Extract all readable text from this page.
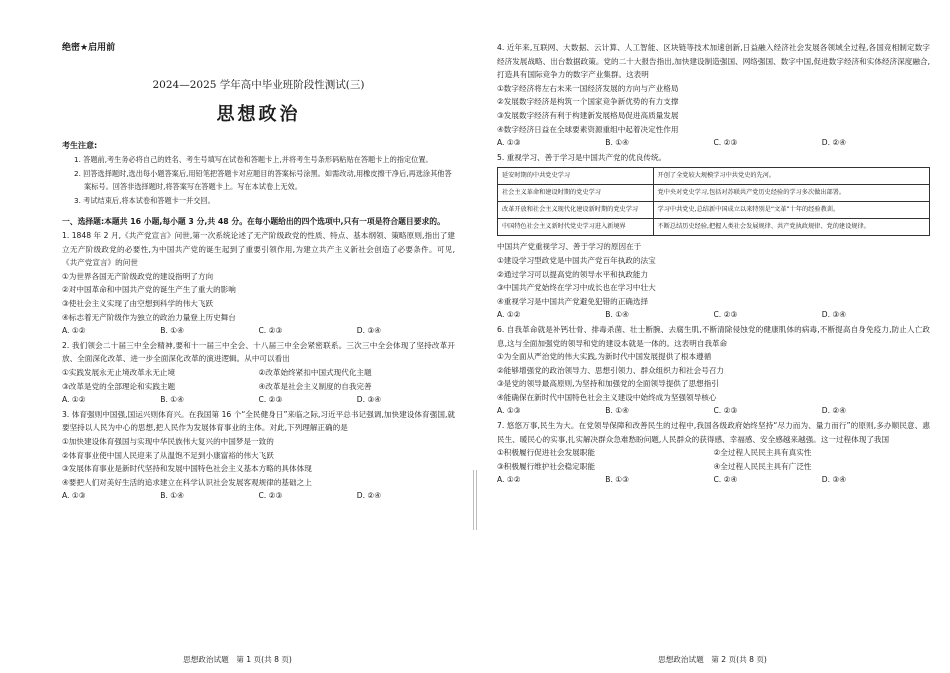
绝密★启用前
2024—2025 学年高中毕业班阶段性测试(三)
思想政治
考生注意:
1. 答题前,考生务必将自己的姓名、考生号填写在试卷和答题卡上,并将考生号条形码粘贴在答题卡上的指定位置。
2. 回答选择题时,选出每小题答案后,用铅笔把答题卡对应题目的答案标号涂黑。如需改动,用橡皮擦干净后,再选涂其他答案标号。回答非选择题时,将答案写在答题卡上。写在本试卷上无效。
3. 考试结束后,将本试卷和答题卡一并交回。
一、选择题:本题共 16 小题,每小题 3 分,共 48 分。在每小题给出的四个选项中,只有一项是符合题目要求的。
1. 1848 年 2 月,《共产党宣言》问世,第一次系统论述了无产阶级政党的性质、特点、基本纲领、策略原则,指出了建立无产阶级政党的必要性,为中国共产党的诞生起到了重要引领作用,为建立共产主义新社会创造了必要条件。可见,《共产党宣言》的问世
①为世界各国无产阶级政党的建设指明了方向
②对中国革命和中国共产党的诞生产生了重大的影响
③使社会主义实现了由空想到科学的伟大飞跃
④标志着无产阶级作为独立的政治力量登上历史舞台
A. ①②	B. ①④	C. ②③	D. ③④
2. 我们领会二十届三中全会精神,要和十一届三中全会、十八届三中全会紧密联系。三次三中全会体现了坚持改革开放、全面深化改革、进一步全面深化改革的演进逻辑。从中可以看出
①实践发展永无止境改革永无止境	②改革始终紧扣中国式现代化主题
③改革是党的全部理论和实践主题	④改革是社会主义制度的自我完善
A. ①②	B. ①④	C. ②③	D. ③④
3. 体育强则中国强,国运兴则体育兴。在我国第 16 个“全民健身日”来临之际,习近平总书记强调,加快建设体育强国,就要坚持以人民为中心的思想,把人民作为发展体育事业的主体。对此,下列理解正确的是
①加快建设体育强国与实现中华民族伟大复兴的中国梦是一致的
②体育事业使中国人民迎来了从温饱不足到小康富裕的伟大飞跃
③发展体育事业是新时代坚持和发展中国特色社会主义基本方略的具体体现
④要把人们对美好生活的追求建立在科学认识社会发展客观规律的基础之上
A. ①③	B. ①④	C. ②③	D. ②④
思想政治试题　第 1 页(共 8 页)
4. 近年来,互联网、大数据、云计算、人工智能、区块链等技术加速创新,日益融入经济社会发展各领域全过程,各国竞相制定数字经济发展战略、出台数据政策。党的二十大报告指出,加快建设制造强国、网络强国、数字中国,促进数字经济和实体经济深度融合,打造具有国际竞争力的数字产业集群。这表明
①数字经济将左右未来一国经济发展的方向与产业格局
②发展数字经济是构筑一个国家竞争新优势的有力支撑
③发展数字经济有利于构建新发展格局促进高质量发展
④数字经济日益在全球要素资源重组中起着决定性作用
A. ①③	B. ①④	C. ②③	D. ②④
5. 重视学习、善于学习是中国共产党的优良传统。
延安时期的中共党史学习	开创了全党较大规模学习中共党史的先河。
社会主义革命和建设时期的党史学习	党中央对党史学习,包括对苏联共产党历史经验的学习多次做出部署。
改革开放和社会主义现代化建设新时期的党史学习	学习中共党史,总结新中国成立以来特别是“文革”十年的经验教训。
中国特色社会主义新时代党史学习进入新境界	不断总结历史经验,把握人类社会发展规律、共产党执政规律、党的建设规律。
中国共产党重视学习、善于学习的原因在于
①建设学习型政党是中国共产党百年执政的法宝
②通过学习可以提高党的领导水平和执政能力
③中国共产党始终在学习中成长也在学习中壮大
④重视学习是中国共产党避免犯错的正确选择
A. ①②	B. ①④	C. ②③	D. ③④
6. 自我革命就是补钙壮骨、排毒杀菌、壮士断腕、去腐生肌,不断清除侵蚀党的健康肌体的病毒,不断提高自身免疫力,防止人亡政息,这与全面加强党的领导和党的建设本就是一体的。这表明自我革命
①为全面从严治党的伟大实践,为新时代中国发展提供了根本遵循
②能够增强党的政治领导力、思想引领力、群众组织力和社会号召力
③是党的领导最高原则,为坚持和加强党的全面领导提供了思想指引
④能确保在新时代中国特色社会主义建设中始终成为坚强领导核心
A. ①③	B. ①④	C. ②③	D. ②④
7. 悠悠万事,民生为大。在党领导保障和改善民生的过程中,我国各级政府始终坚持“尽力而为、量力而行”的原则,多办顺民意、惠民生、暖民心的实事,扎实解决群众急难愁盼问题,人民群众的获得感、幸福感、安全感越来越强。这一过程体现了我国
①积极履行促进社会发展职能	②全过程人民民主具有真实性
③积极履行维护社会稳定职能	④全过程人民民主具有广泛性
A. ①②	B. ①③	C. ②④	D. ③④
思想政治试题　第 2 页(共 8 页)
